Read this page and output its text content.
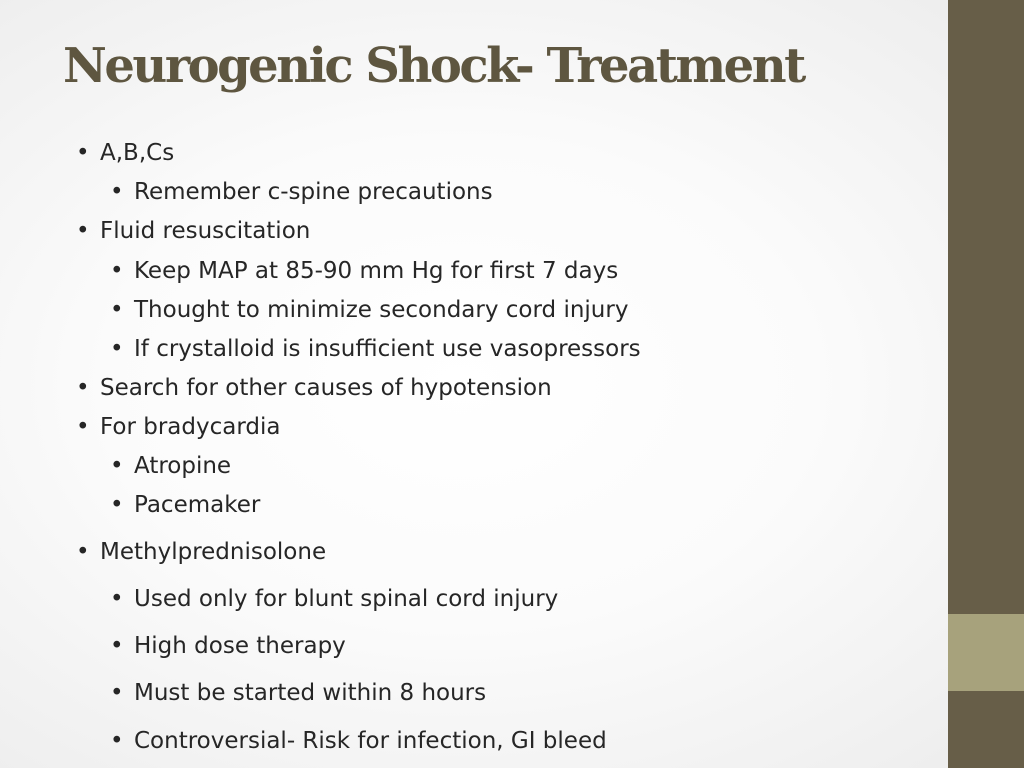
Neurogenic Shock- Treatment
• A,B,Cs
• Remember c-spine precautions
• Fluid resuscitation
• Keep MAP at 85-90 mm Hg for first 7 days
• Thought to minimize secondary cord injury
• If crystalloid is insufficient use vasopressors
• Search for other causes of hypotension
• For bradycardia
• Atropine
• Pacemaker
• Methylprednisolone
• Used only for blunt spinal cord injury
• High dose therapy
• Must be started within 8 hours
• Controversial- Risk for infection, GI bleed
